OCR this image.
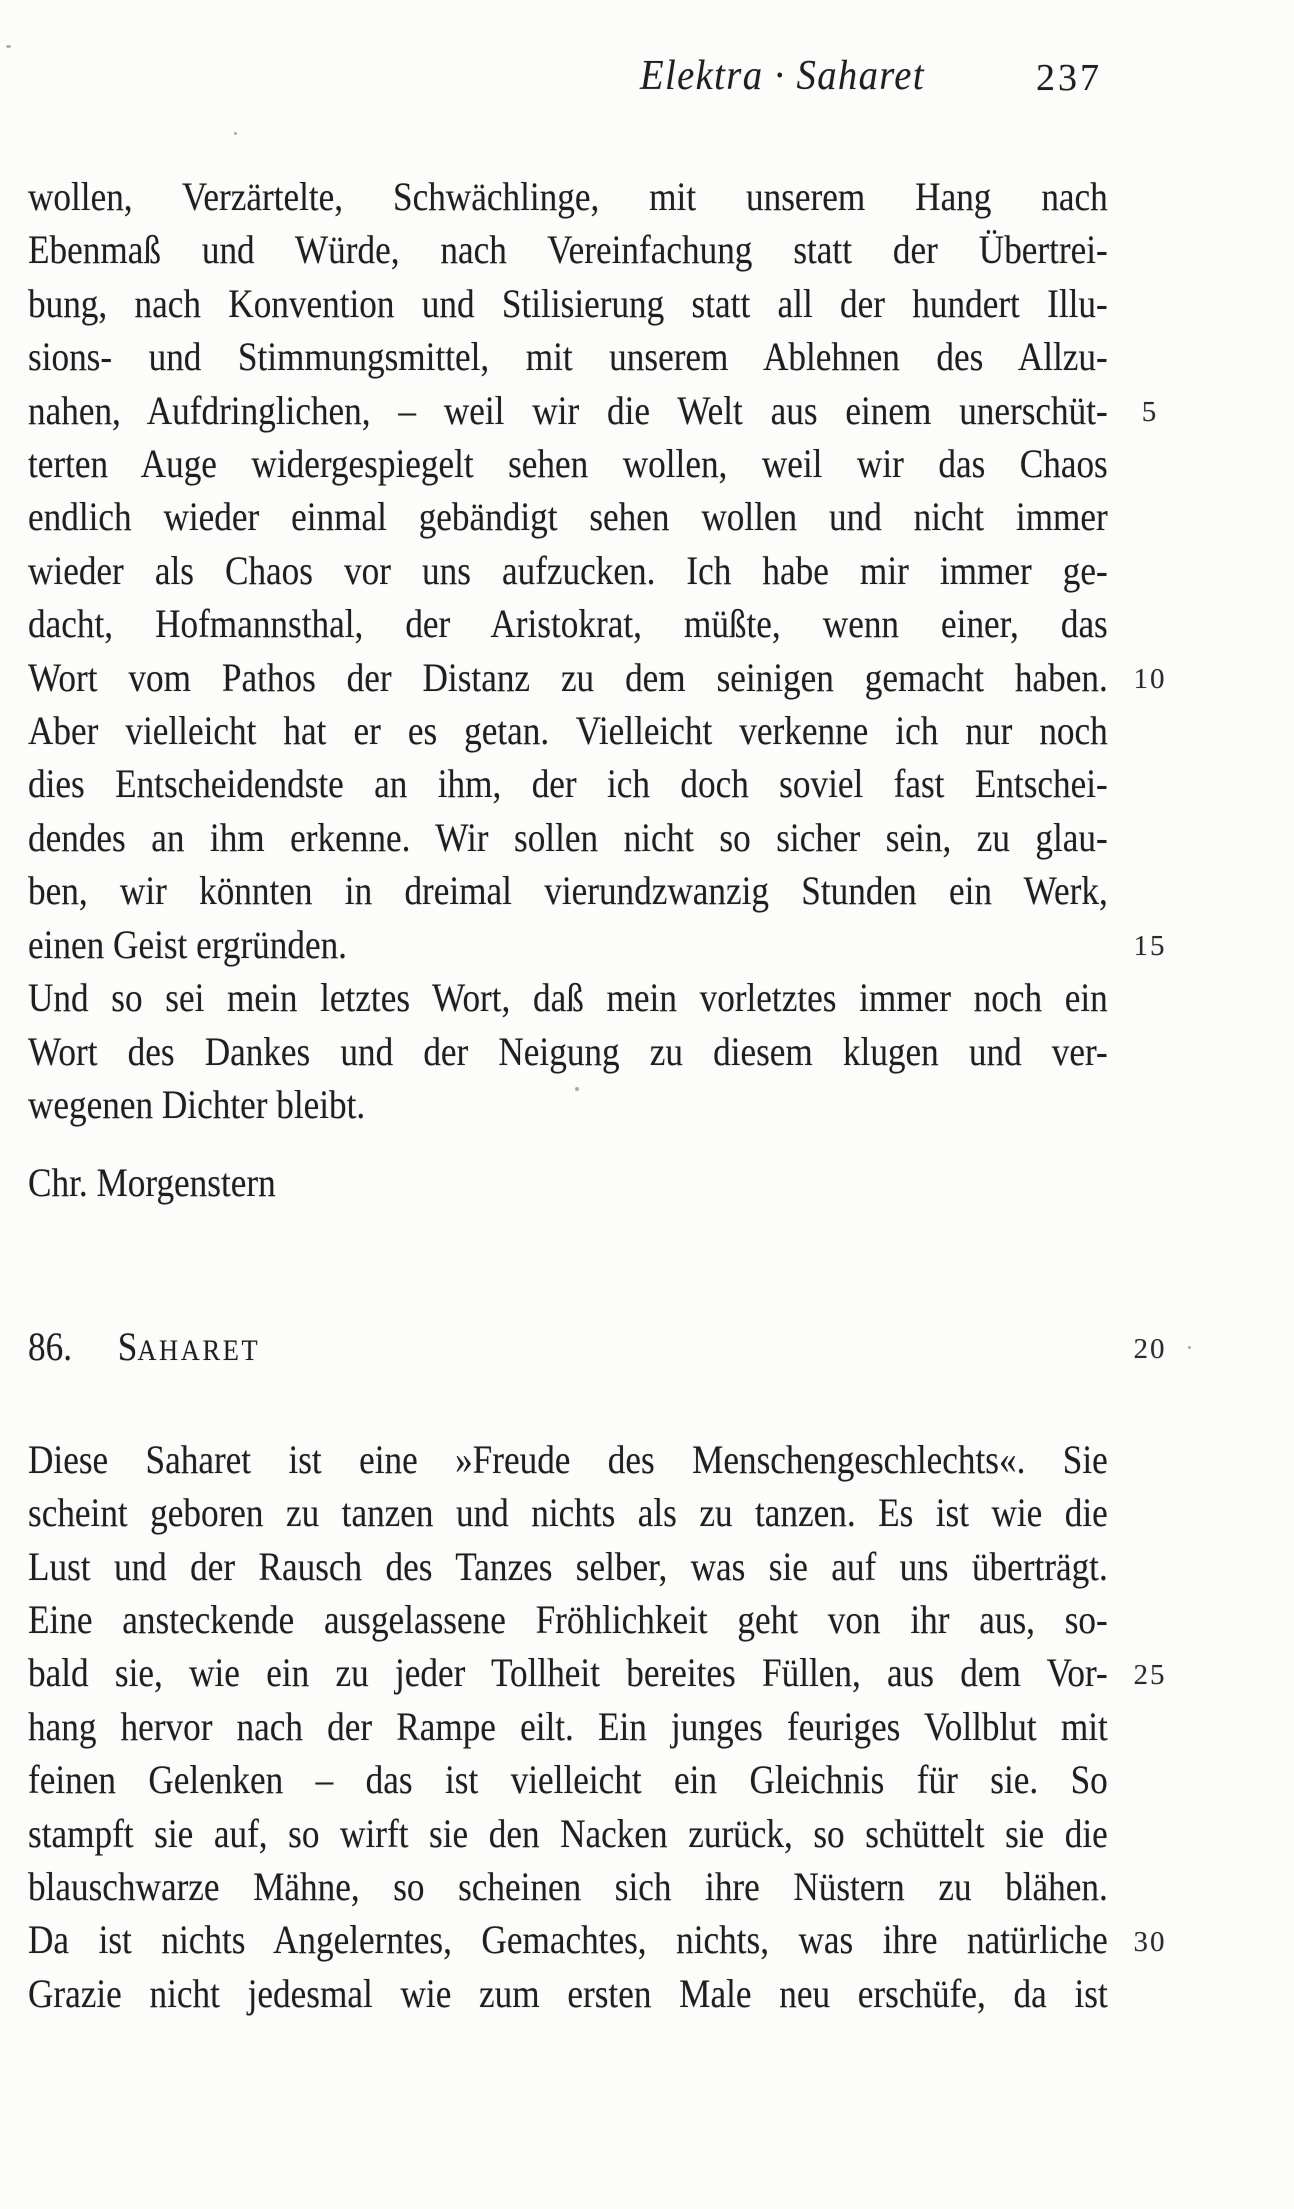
Elektra · Saharet	237
wollen, Verzärtelte, Schwächlinge, mit unserem Hang nach
Ebenmaß und Würde, nach Vereinfachung statt der Übertrei-
bung, nach Konvention und Stilisierung statt all der hundert Illu-
sions- und Stimmungsmittel, mit unserem Ablehnen des Allzu-
nahen, Aufdringlichen, – weil wir die Welt aus einem unerschüt-
terten Auge widergespiegelt sehen wollen, weil wir das Chaos
endlich wieder einmal gebändigt sehen wollen und nicht immer
wieder als Chaos vor uns aufzucken. Ich habe mir immer ge-
dacht, Hofmannsthal, der Aristokrat, müßte, wenn einer, das
Wort vom Pathos der Distanz zu dem seinigen gemacht haben.
Aber vielleicht hat er es getan. Vielleicht verkenne ich nur noch
dies Entscheidendste an ihm, der ich doch soviel fast Entschei-
dendes an ihm erkenne. Wir sollen nicht so sicher sein, zu glau-
ben, wir könnten in dreimal vierundzwanzig Stunden ein Werk,
einen Geist ergründen.
Und so sei mein letztes Wort, daß mein vorletztes immer noch ein
Wort des Dankes und der Neigung zu diesem klugen und ver-
wegenen Dichter bleibt.
Chr. Morgenstern
86. SAHARET
Diese Saharet ist eine »Freude des Menschengeschlechts«. Sie
scheint geboren zu tanzen und nichts als zu tanzen. Es ist wie die
Lust und der Rausch des Tanzes selber, was sie auf uns überträgt.
Eine ansteckende ausgelassene Fröhlichkeit geht von ihr aus, so-
bald sie, wie ein zu jeder Tollheit bereites Füllen, aus dem Vor-
hang hervor nach der Rampe eilt. Ein junges feuriges Vollblut mit
feinen Gelenken – das ist vielleicht ein Gleichnis für sie. So
stampft sie auf, so wirft sie den Nacken zurück, so schüttelt sie die
blauschwarze Mähne, so scheinen sich ihre Nüstern zu blähen.
Da ist nichts Angelerntes, Gemachtes, nichts, was ihre natürliche
Grazie nicht jedesmal wie zum ersten Male neu erschüfe, da ist
5
10
15
20
25
30
